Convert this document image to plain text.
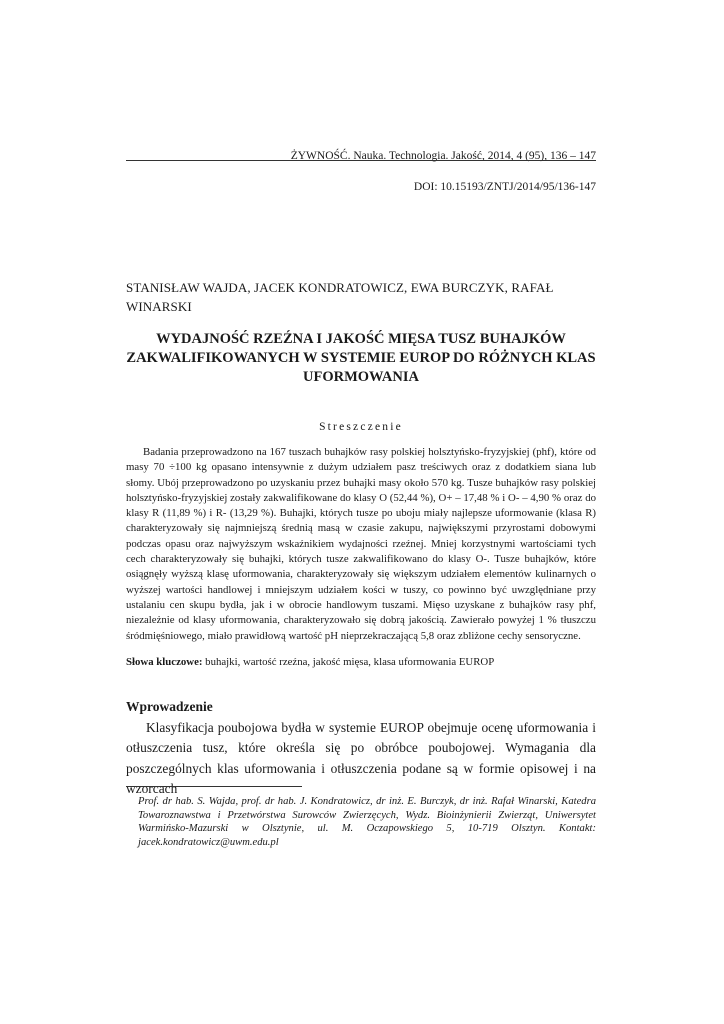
ŻYWNOŚĆ. Nauka. Technologia. Jakość, 2014, 4 (95), 136 – 147
DOI: 10.15193/ZNTJ/2014/95/136-147
STANISŁAW WAJDA, JACEK KONDRATOWICZ, EWA BURCZYK, RAFAŁ WINARSKI
WYDAJNOŚĆ RZEŹNA I JAKOŚĆ MIĘSA TUSZ BUHAJKÓW ZAKWALIFIKOWANYCH W SYSTEMIE EUROP DO RÓŻNYCH KLAS UFORMOWANIA
Streszczenie

Badania przeprowadzono na 167 tuszach buhajków rasy polskiej holsztyńsko-fryzyjskiej (phf), które od masy 70 ÷100 kg opasano intensywnie z dużym udziałem pasz treściwych oraz z dodatkiem siana lub słomy. Ubój przeprowadzono po uzyskaniu przez buhajki masy około 570 kg. Tusze buhajków rasy polskiej holsztyńsko-fryzyjskiej zostały zakwalifikowane do klasy O (52,44 %), O+ – 17,48 % i O- – 4,90 % oraz do klasy R (11,89 %) i R- (13,29 %). Buhajki, których tusze po uboju miały najlepsze uformowanie (klasa R) charakteryzowały się najmniejszą średnią masą w czasie zakupu, największymi przyrostami dobowymi podczas opasu oraz najwyższym wskaźnikiem wydajności rzeźnej. Mniej korzystnymi wartościami tych cech charakteryzowały się buhajki, których tusze zakwalifikowano do klasy O-. Tusze buhajków, które osiągnęły wyższą klasę uformowania, charakteryzowały się większym udziałem elementów kulinarnych o wyższej wartości handlowej i mniejszym udziałem kości w tuszy, co powinno być uwzględniane przy ustalaniu cen skupu bydła, jak i w obrocie handlowym tuszami. Mięso uzyskane z buhajków rasy phf, niezależnie od klasy uformowania, charakteryzowało się dobrą jakością. Zawierało powyżej 1 % tłuszczu śródmięśniowego, miało prawidłową wartość pH nieprzekraczającą 5,8 oraz zbliżone cechy sensoryczne.

Słowa kluczowe: buhajki, wartość rzeźna, jakość mięsa, klasa uformowania EUROP

Wprowadzenie

Klasyfikacja poubojowa bydła w systemie EUROP obejmuje ocenę uformowania i otłuszczenia tusz, które określa się po obróbce poubojowej. Wymagania dla poszczególnych klas uformowania i otłuszczenia podane są w formie opisowej i na wzorcach

Prof. dr hab. S. Wajda, prof. dr hab. J. Kondratowicz, dr inż. E. Burczyk, dr inż. Rafał Winarski, Katedra Towaroznawstwa i Przetwórstwa Surowców Zwierzęcych, Wydz. Bioinżynierii Zwierząt, Uniwersytet Warmińsko-Mazurski w Olsztynie, ul. M. Oczapowskiego 5, 10-719 Olsztyn. Kontakt: jacek.kondratowicz@uwm.edu.pl
